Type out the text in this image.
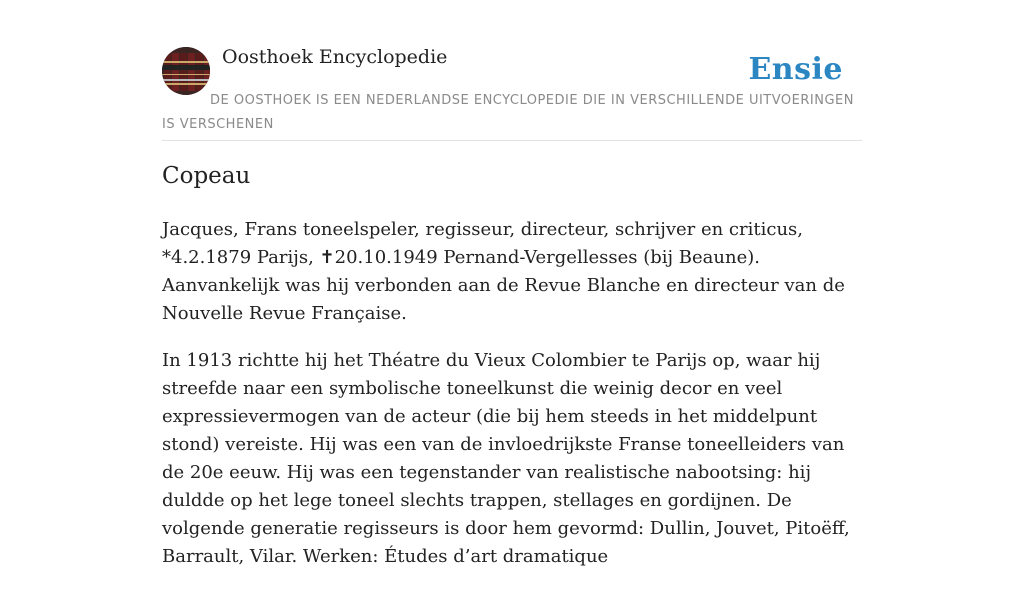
Oosthoek Encyclopedie	Ensie
DE OOSTHOEK IS EEN NEDERLANDSE ENCYCLOPEDIE DIE IN VERSCHILLENDE UITVOERINGEN IS VERSCHENEN
Copeau

Jacques, Frans toneelspeler, regisseur, directeur, schrijver en criticus, *4.2.1879 Parijs, ✝20.10.1949 Pernand-Vergellesses (bij Beaune). Aanvankelijk was hij verbonden aan de Revue Blanche en directeur van de Nouvelle Revue Française.

In 1913 richtte hij het Théatre du Vieux Colombier te Parijs op, waar hij streefde naar een symbolische toneelkunst die weinig decor en veel expressievermogen van de acteur (die bij hem steeds in het middelpunt stond) vereiste. Hij was een van de invloedrijkste Franse toneelleiders van de 20e eeuw. Hij was een tegenstander van realistische nabootsing: hij duldde op het lege toneel slechts trappen, stellages en gordijnen. De volgende generatie regisseurs is door hem gevormd: Dullin, Jouvet, Pitoëff, Barrault, Vilar. Werken: Études d’art dramatique
